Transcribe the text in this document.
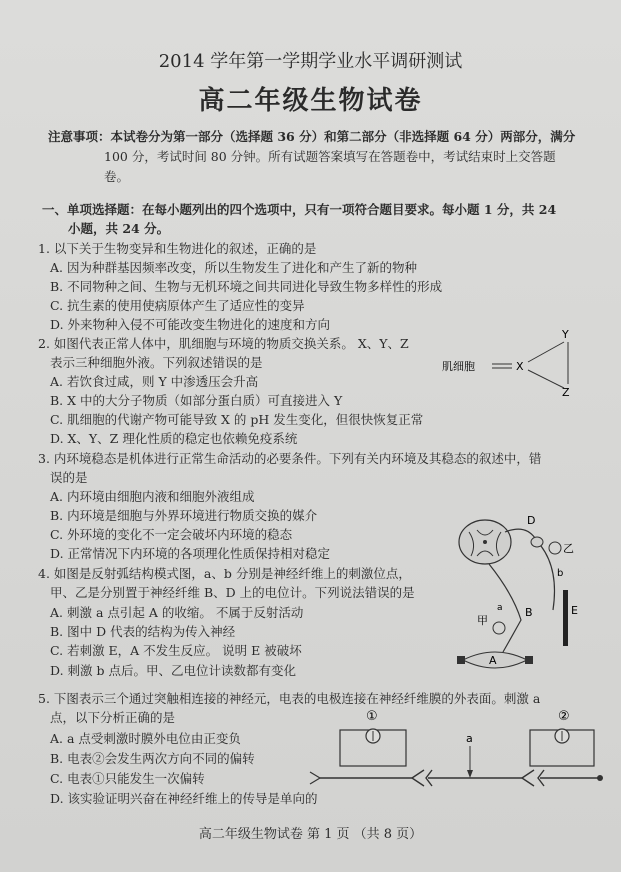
2014 学年第一学期学业水平调研测试
高二年级生物试卷
注意事项：本试卷分为第一部分（选择题 36 分）和第二部分（非选择题 64 分）两部分，满分
100 分，考试时间 80 分钟。所有试题答案填写在答题卷中，考试结束时上交答题
卷。
一、单项选择题：在每小题列出的四个选项中，只有一项符合题目要求。每小题 1 分，共 24
小题，共 24 分。
1. 以下关于生物变异和生物进化的叙述，正确的是
A. 因为种群基因频率改变，所以生物发生了进化和产生了新的物种
B. 不同物种之间、生物与无机环境之间共同进化导致生物多样性的形成
C. 抗生素的使用使病原体产生了适应性的变异
D. 外来物种入侵不可能改变生物进化的速度和方向
2. 如图代表正常人体中，肌细胞与环境的物质交换关系。 X、Y、Z
表示三种细胞外液。下列叙述错误的是
A. 若饮食过咸，则 Y 中渗透压会升高
B. X 中的大分子物质（如部分蛋白质）可直接进入 Y
C. 肌细胞的代谢产物可能导致 X 的 pH 发生变化，但很快恢复正常
D. X、Y、Z 理化性质的稳定也依赖免疫系统
肌细胞	X
Y
Z
3. 内环境稳态是机体进行正常生命活动的必要条件。下列有关内环境及其稳态的叙述中，错
误的是
A. 内环境由细胞内液和细胞外液组成
B. 内环境是细胞与外界环境进行物质交换的媒介
C. 外环境的变化不一定会破坏内环境的稳态
D. 正常情况下内环境的各项理化性质保持相对稳定
4. 如图是反射弧结构模式图，a、b 分别是神经纤维上的刺激位点，
甲、乙是分别置于神经纤维 B、D 上的电位计。下列说法错误的是
A. 刺激 a 点引起 A 的收缩。 不属于反射活动
B. 图中 D 代表的结构为传入神经
C. 若刺激 E，A 不发生反应。 说明 E 被破坏
D. 刺激 b 点后。甲、乙电位计读数都有变化
D
乙
b
E
a B
甲
A
5. 下图表示三个通过突触相连接的神经元，电表的电极连接在神经纤维膜的外表面。刺激 a
点，以下分析正确的是
A. a 点受刺激时膜外电位由正变负
B. 电表②会发生两次方向不同的偏转
C. 电表①只能发生一次偏转
D. 该实验证明兴奋在神经纤维上的传导是单向的
①
a
②
高二年级生物试卷 第 1 页 （共 8 页）
